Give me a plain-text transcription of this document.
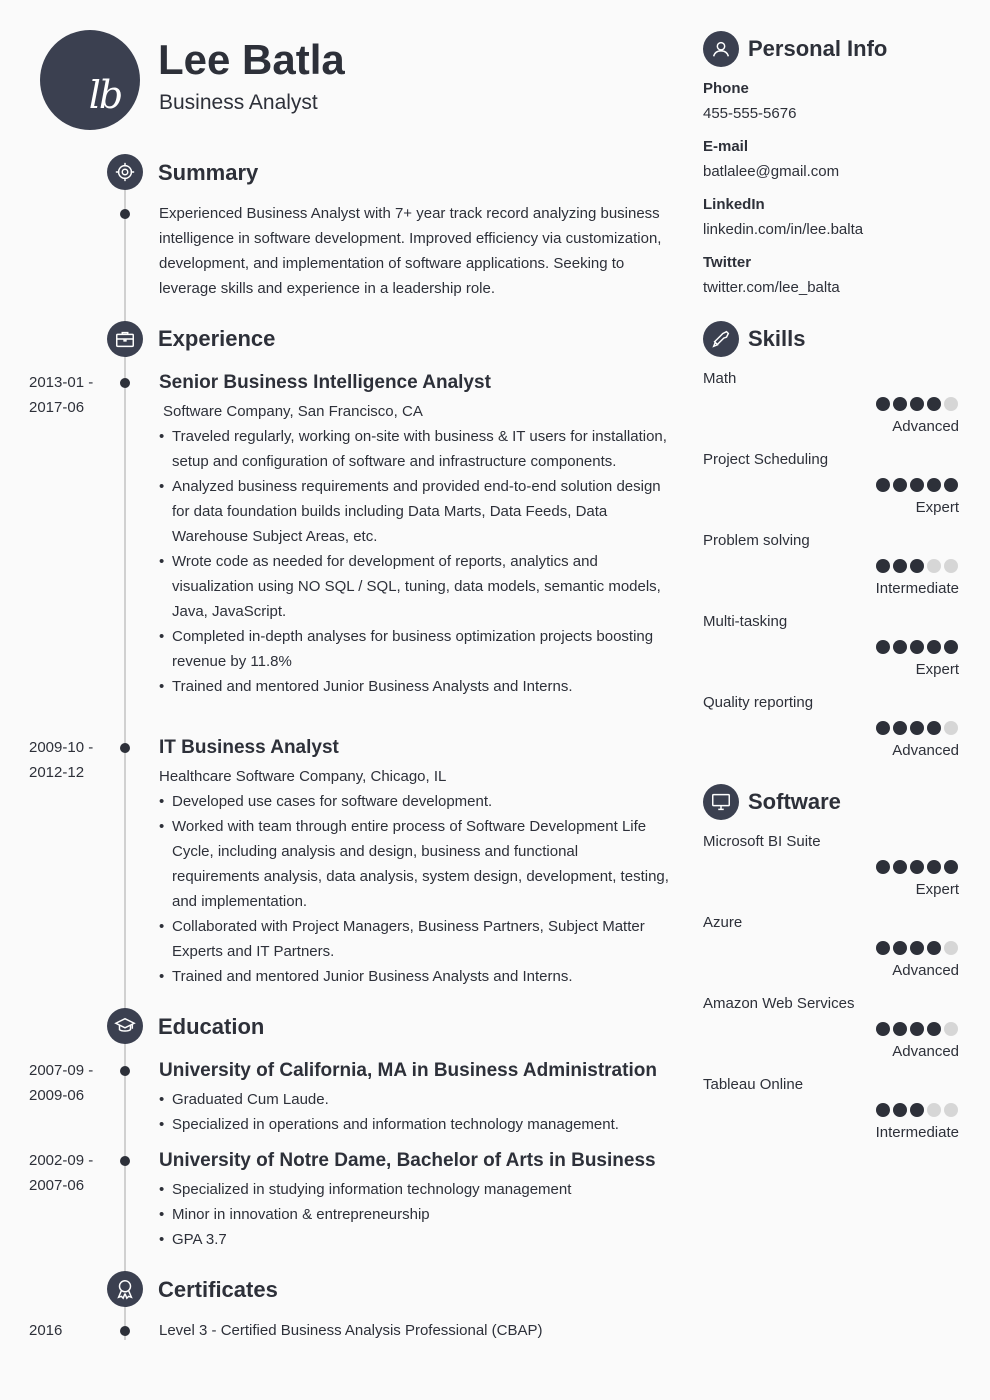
lb
Lee Batla
Business Analyst
Summary
Experienced Business Analyst with 7+ year track record analyzing business intelligence in software development. Improved efficiency via customization, development, and implementation of software applications. Seeking to leverage skills and experience in a leadership role.
Experience
2013-01 -
2017-06
Senior Business Intelligence Analyst
Software Company, San Francisco, CA
• Traveled regularly, working on-site with business & IT users for installation, setup and configuration of software and infrastructure components.
• Analyzed business requirements and provided end-to-end solution design for data foundation builds including Data Marts, Data Feeds, Data Warehouse Subject Areas, etc.
• Wrote code as needed for development of reports, analytics and visualization using NO SQL / SQL, tuning, data models, semantic models, Java, JavaScript.
• Completed in-depth analyses for business optimization projects boosting revenue by 11.8%
• Trained and mentored Junior Business Analysts and Interns.
2009-10 -
2012-12
IT Business Analyst
Healthcare Software Company, Chicago, IL
• Developed use cases for software development.
• Worked with team through entire process of Software Development Life Cycle, including analysis and design, business and functional requirements analysis, data analysis, system design, development, testing, and implementation.
• Collaborated with Project Managers, Business Partners, Subject Matter Experts and IT Partners.
• Trained and mentored Junior Business Analysts and Interns.
Education
2007-09 -
2009-06
University of California, MA in Business Administration
• Graduated Cum Laude.
• Specialized in operations and information technology management.
2002-09 -
2007-06
University of Notre Dame, Bachelor of Arts in Business
• Specialized in studying information technology management
• Minor in innovation & entrepreneurship
• GPA 3.7
Certificates
2016	Level 3 - Certified Business Analysis Professional (CBAP)
Personal Info
Phone
455-555-5676
E-mail
batlalee@gmail.com
LinkedIn
linkedin.com/in/lee.balta
Twitter
twitter.com/lee_balta
Skills
Math
Advanced
Project Scheduling
Expert
Problem solving
Intermediate
Multi-tasking
Expert
Quality reporting
Advanced
Software
Microsoft BI Suite
Expert
Azure
Advanced
Amazon Web Services
Advanced
Tableau Online
Intermediate
